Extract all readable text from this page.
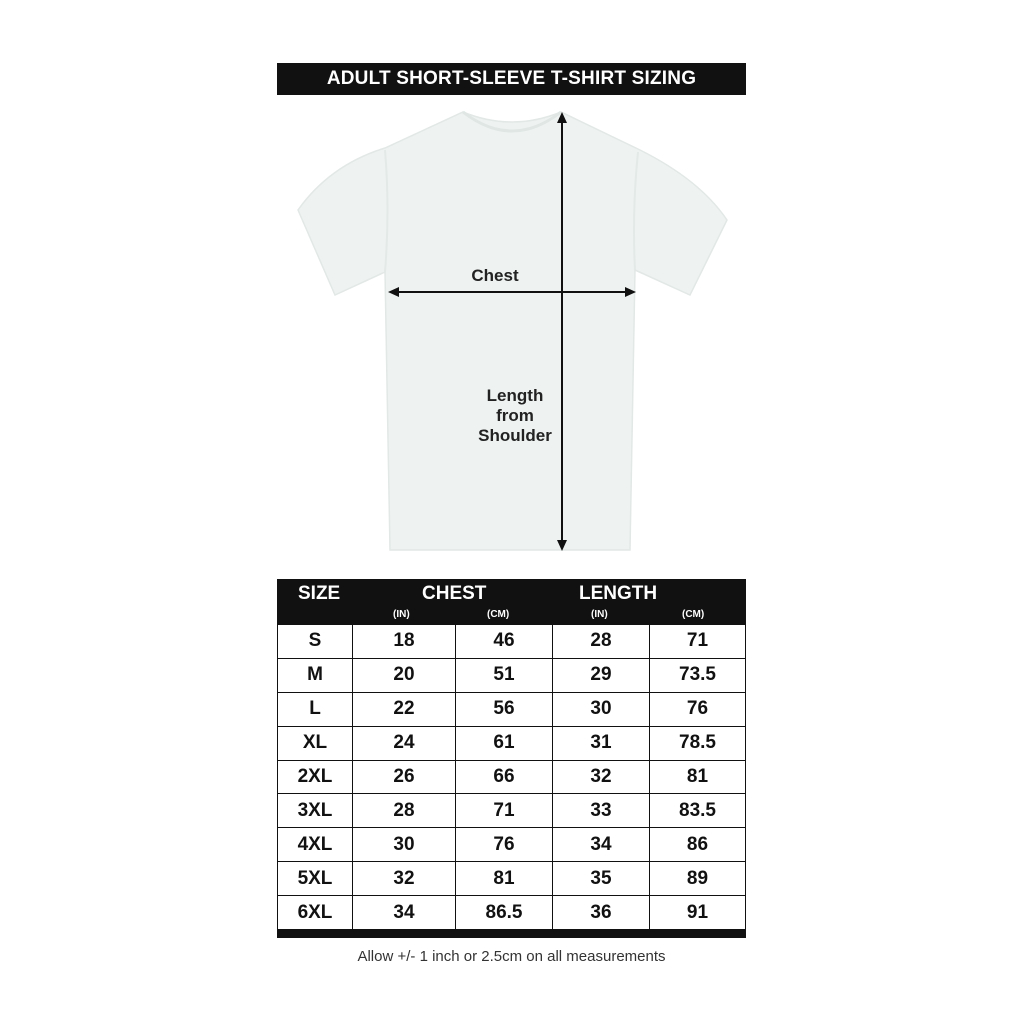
ADULT SHORT-SLEEVE T-SHIRT SIZING
Chest
Length
from
Shoulder
SIZE	CHEST	LENGTH
(IN)	(CM)	(IN)	(CM)
S	18	46	28	71
M	20	51	29	73.5
L	22	56	30	76
XL	24	61	31	78.5
2XL	26	66	32	81
3XL	28	71	33	83.5
4XL	30	76	34	86
5XL	32	81	35	89
6XL	34	86.5	36	91
Allow +/- 1 inch or 2.5cm on all measurements
